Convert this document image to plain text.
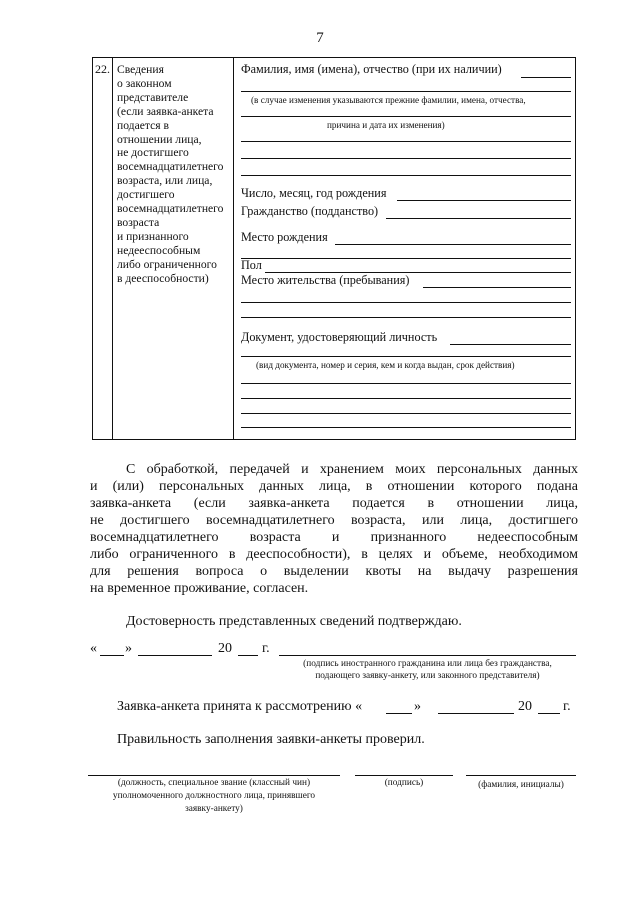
7
22. Сведения
о законном
представителе
(если заявка-анкета
подается в
отношении лица,
не достигшего
восемнадцатилетнего
возраста, или лица,
достигшего
восемнадцатилетнего
возраста
и признанного
недееспособным
либо ограниченного
в дееспособности)
Фамилия, имя (имена), отчество (при их наличии)
(в случае изменения указываются прежние фамилии, имена, отчества,
причина и дата их изменения)
Число, месяц, год рождения
Гражданство (подданство)
Место рождения
Пол
Место жительства (пребывания)
Документ, удостоверяющий личность
(вид документа, номер и серия, кем и когда выдан, срок действия)
С обработкой, передачей и хранением моих персональных данных
и (или) персональных данных лица, в отношении которого подана
заявка-анкета (если заявка-анкета подается в отношении лица,
не достигшего восемнадцатилетнего возраста, или лица, достигшего
восемнадцатилетнего возраста и признанного недееспособным
либо ограниченного в дееспособности), в целях и объеме, необходимом
для решения вопроса о выделении квоты на выдачу разрешения
на временное проживание, согласен.
Достоверность представленных сведений подтверждаю.
« »	20 г.
(подпись иностранного гражданина или лица без гражданства,
подающего заявку-анкету, или законного представителя)
Заявка-анкета принята к рассмотрению «	»	20 г.
Правильность заполнения заявки-анкеты проверил.
(должность, специальное звание (классный чин)
уполномоченного должностного лица, принявшего
заявку-анкету)
(подпись)	(фамилия, инициалы)
